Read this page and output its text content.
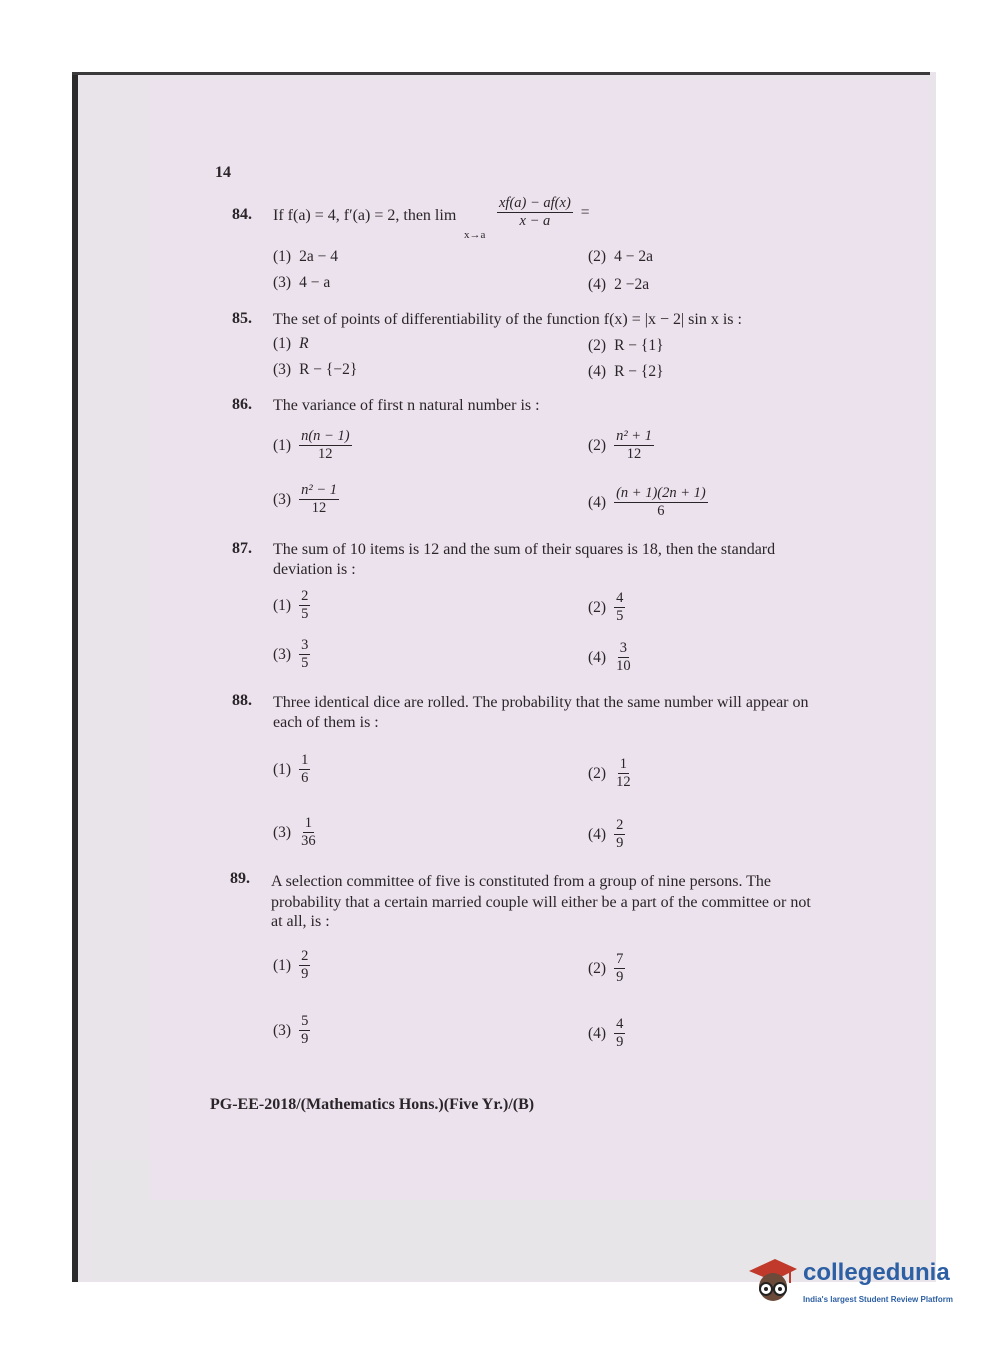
14
84. If f(a) = 4, f′(a) = 2, then lim
x→a
$\frac{xf(a) - af(x)}{x - a}$ =
(1) 2a − 4	(2) 4 − 2a
(3) 4 − a	(4) 2 −2a
85. The set of points of differentiability of the function f(x) = |x − 2| sin x is :
(1) R	(2) R − {1}
(3) R − {−2}	(4) R − {2}
86. The variance of first n natural number is :
$(1) \frac{n(n - 1)}{12}$	$(2) \frac{\text{n² + 1}}{12}$
$(3) \frac{\text{n² − 1}}{12}$	$(4) \frac{(n + 1)(2n + 1)}{6}$
87. The sum of 10 items is 12 and the sum of their squares is 18, then the standard
deviation is :
$(1) \frac{2}{5}$	$(2) \frac{4}{5}$
$(3) \frac{3}{5}$	$(4) \frac{3}{10}$
88. Three identical dice are rolled. The probability that the same number will appear on
each of them is :
$(1) \frac{1}{6}$	$(2) \frac{1}{12}$
$(3) \frac{1}{36}$	$(4) \frac{2}{9}$
89. A selection committee of five is constituted from a group of nine persons. The
probability that a certain married couple will either be a part of the committee or not
at all, is :
$(1) \frac{2}{9}$	$(2) \frac{7}{9}$
$(3) \frac{5}{9}$	$(4) \frac{4}{9}$
PG-EE-2018/(Mathematics Hons.)(Five Yr.)/(B)
collegedunia
India's largest Student Review Platform
